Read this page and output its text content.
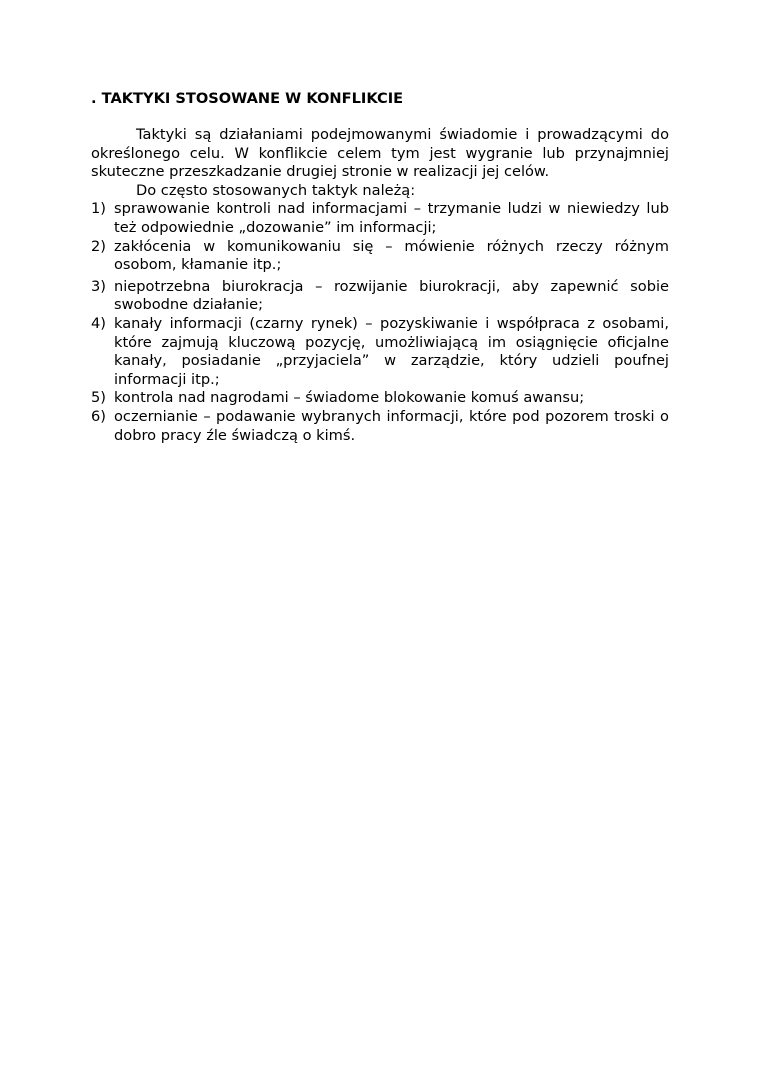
. TAKTYKI STOSOWANE W KONFLIKCIE

Taktyki są działaniami podejmowanymi świadomie i prowadzącymi do określonego celu. W konflikcie celem tym jest wygranie lub przynajmniej skuteczne przeszkadzanie drugiej stronie w realizacji jej celów.

Do często stosowanych taktyk należą:

1) sprawowanie kontroli nad informacjami – trzymanie ludzi w niewiedzy lub też odpowiednie „dozowanie” im informacji;
2) zakłócenia w komunikowaniu się – mówienie różnych rzeczy różnym osobom, kłamanie itp.;
3) niepotrzebna biurokracja – rozwijanie biurokracji, aby zapewnić sobie swobodne działanie;
4) kanały informacji (czarny rynek) – pozyskiwanie i współpraca z osobami, które zajmują kluczową pozycję, umożliwiającą im osiągnięcie oficjalne kanały, posiadanie „przyjaciela” w zarządzie, który udzieli poufnej informacji itp.;
5) kontrola nad nagrodami – świadome blokowanie komuś awansu;
6) oczernianie – podawanie wybranych informacji, które pod pozorem troski o dobro pracy źle świadczą o kimś.
